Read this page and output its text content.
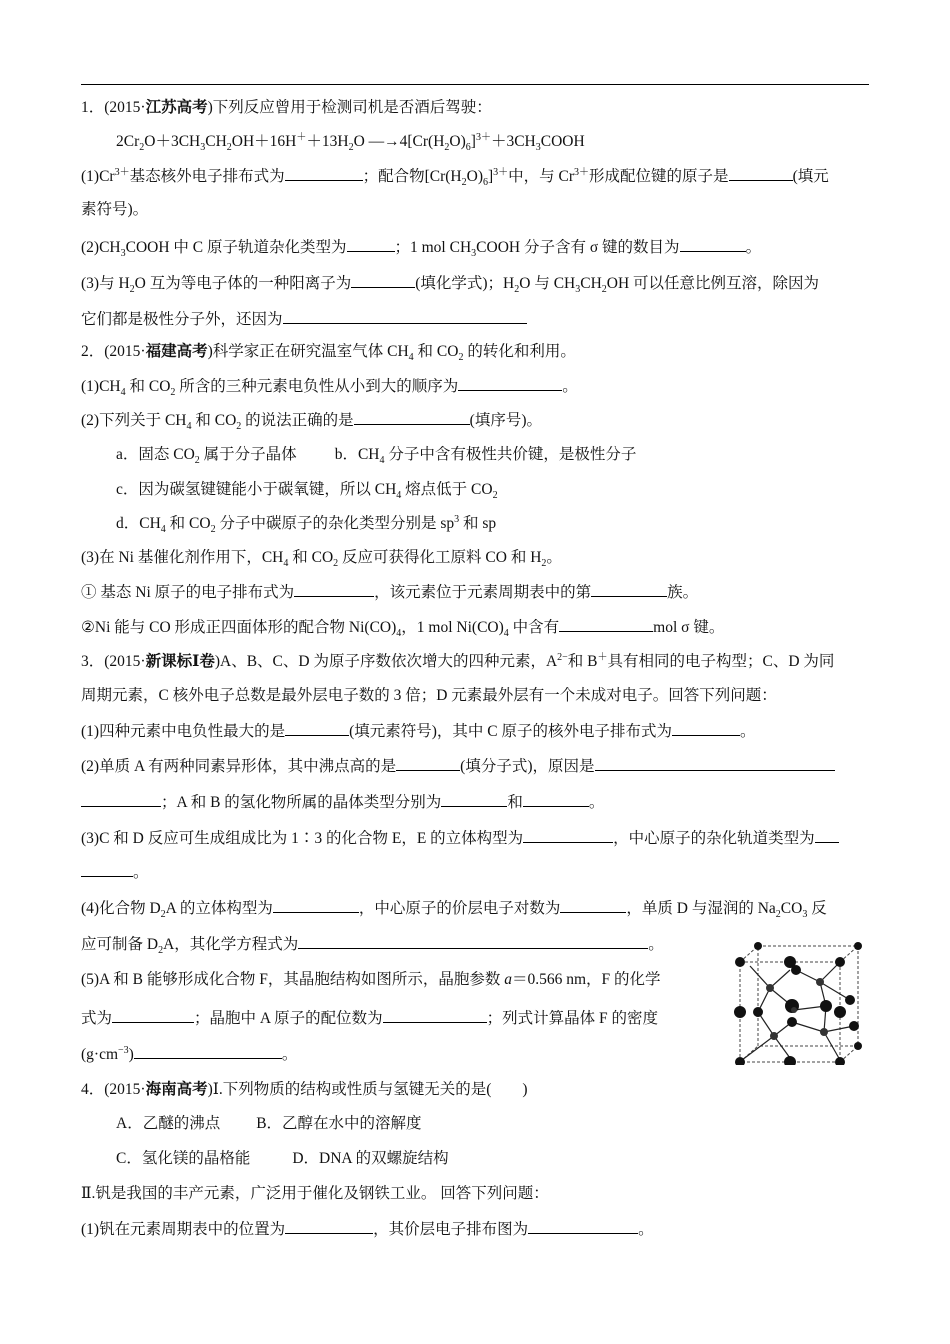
1．(2015·江苏高考)下列反应曾用于检测司机是否酒后驾驶：
$2Cr_2O+3CH_3CH_2OH+16H^++13H_2O$ $—\to 4[Cr(H_2O)_6]^{3+}+3CH_3COOH$
$(1)Cr^{3+}$基态核外电子排布式为	；配合物$[Cr(H_2O)_6]^{3+}$中，与 $Cr^{3+}$形成配位键的原子是	(填元
素符号)。
$(2)CH_3COOH$ 中 C 原子轨道杂化类型为	；1 mol $CH_3COOH$ 分子含有 σ 键的数目为	。
(3)与 $H_2O$ 互为等电子体的一种阳离子为	(填化学式)；$H_2O$ 与 $CH_3CH_2OH$ 可以任意比例互溶，除因为
它们都是极性分子外，还因为
2．(2015·福建高考)科学家正在研究温室气体 $CH_4$ 和 $CO_2$ 的转化和利用。
$(1)CH_4$ 和 $CO_2$ 所含的三种元素电负性从小到大的顺序为	。
(2)下列关于 $CH_4$ 和 $CO_2$ 的说法正确的是	(填序号)。
a．固态 $CO_2$ 属于分子晶体 b．$CH_4$ 分子中含有极性共价键，是极性分子
c．因为碳氢键键能小于碳氧键，所以 $CH_4$ 熔点低于 $CO_2$
d．$CH_4$ 和 $CO_2$ 分子中碳原子的杂化类型分别是 $sp^3$ 和 sp
(3)在 Ni 基催化剂作用下，$CH_4$ 和 $CO_2$ 反应可获得化工原料 CO 和 $H_2$。
① 基态 Ni 原子的电子排布式为	，该元素位于元素周期表中的第	族。
②Ni 能与 CO 形成正四面体形的配合物 $Ni(CO)_4$，1 mol $Ni(CO)_4$ 中含有	mol σ 键。
3．(2015·新课标Ⅰ卷)A、B、C、D 为原子序数依次增大的四种元素，$A^{2-}$和 B＋具有相同的电子构型；C、D 为同
周期元素，C 核外电子总数是最外层电子数的 3 倍；D 元素最外层有一个未成对电子。回答下列问题：
(1)四种元素中电负性最大的是	(填元素符号)，其中 C 原子的核外电子排布式为	。
(2)单质 A 有两种同素异形体，其中沸点高的是	(填分子式)，原因是
；A 和 B 的氢化物所属的晶体类型分别为	和	。
(3)C 和 D 反应可生成组成比为 1∶3 的化合物 E，E 的立体构型为	，中心原子的杂化轨道类型为
。
(4)化合物 $D_2A$ 的立体构型为	，中心原子的价层电子对数为	，单质 D 与湿润的 $Na_2CO_3$ 反
应可制备 $D_2A$，其化学方程式为	。
(5)A 和 B 能够形成化合物 F，其晶胞结构如图所示，晶胞参数 a＝0.566 nm，F 的化学
式为	；晶胞中 A 原子的配位数为	；列式计算晶体 F 的密度
$(g\cdot cm^{-3})$	。
4．(2015·海南高考)Ⅰ.下列物质的结构或性质与氢键无关的是(　　)
A．乙醚的沸点 B．乙醇在水中的溶解度
C．氢化镁的晶格能	D．DNA 的双螺旋结构
Ⅱ.钒是我国的丰产元素，广泛用于催化及钢铁工业。 回答下列问题：
(1)钒在元素周期表中的位置为	，其价层电子排布图为	。
